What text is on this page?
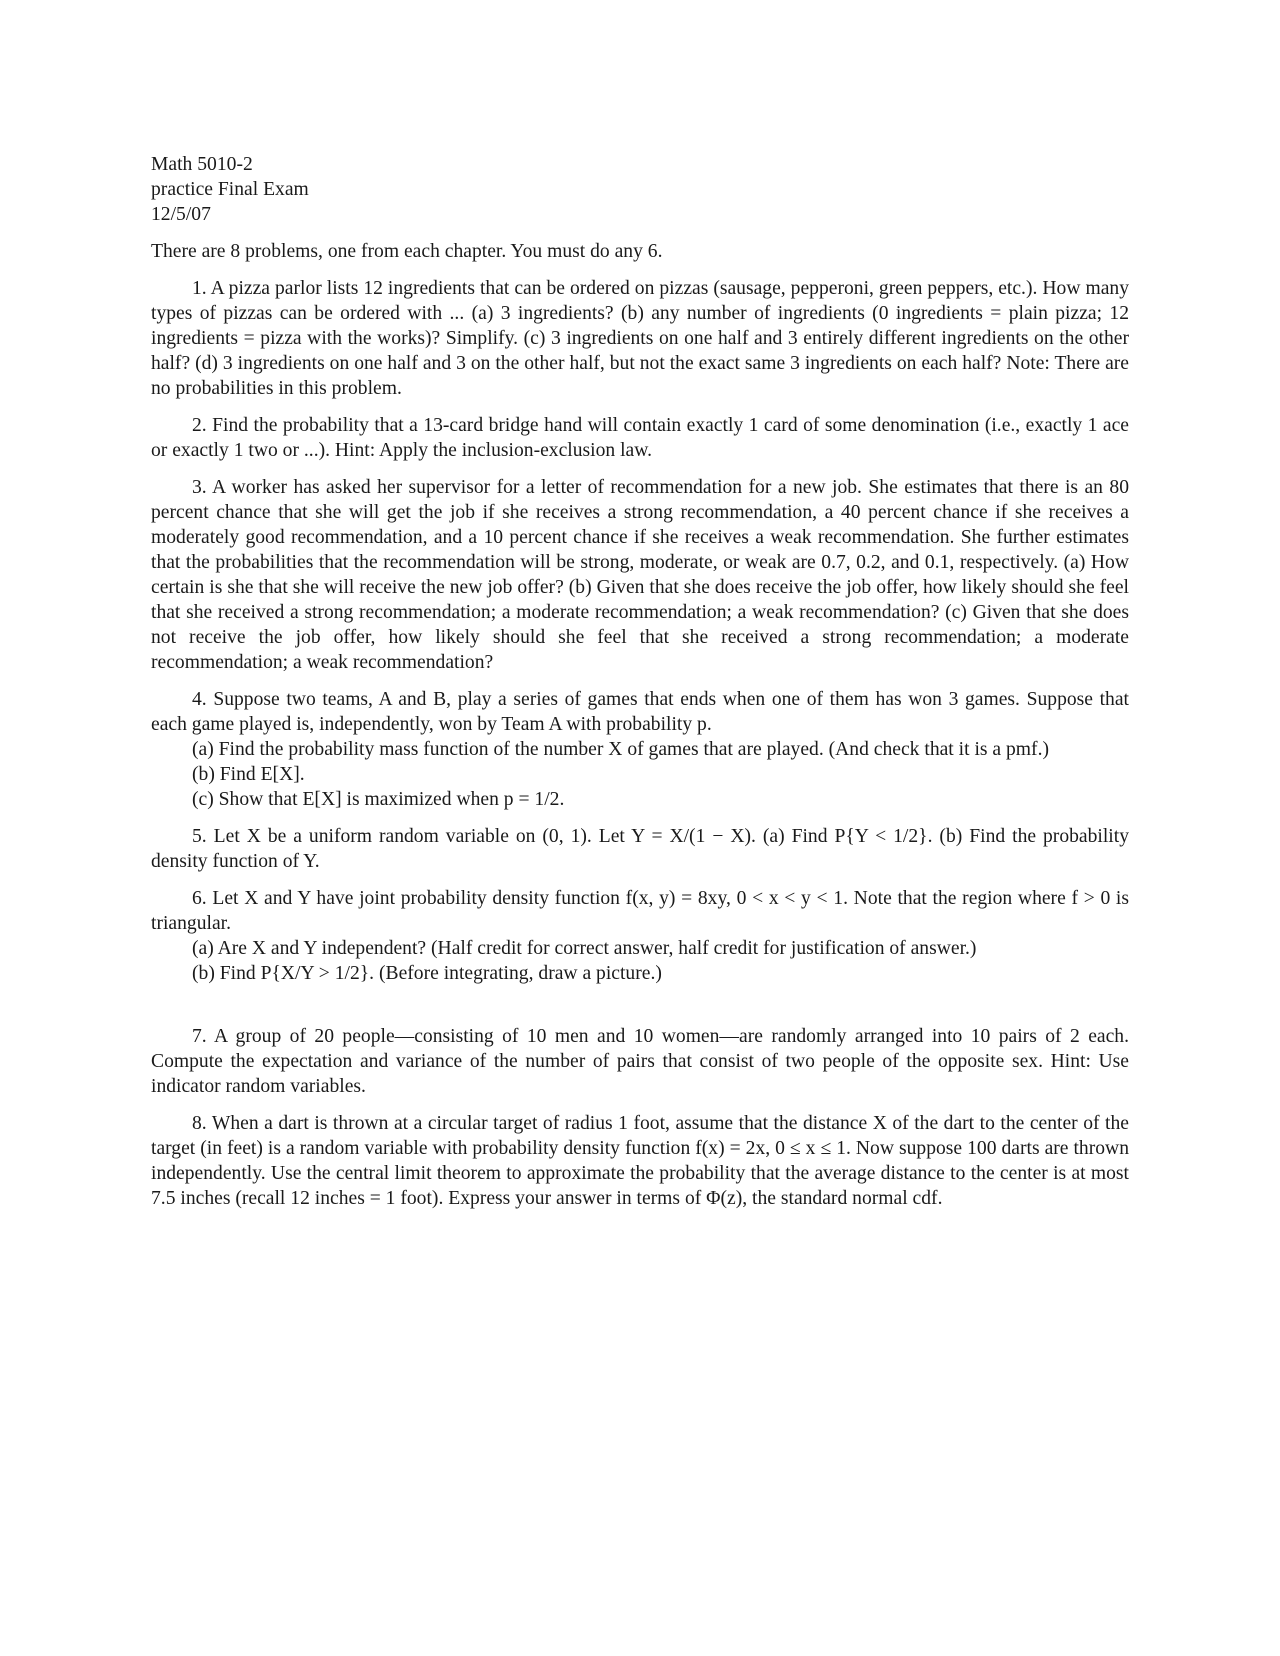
Math 5010-2
practice Final Exam
12/5/07
There are 8 problems, one from each chapter. You must do any 6.
1. A pizza parlor lists 12 ingredients that can be ordered on pizzas (sausage, pepperoni, green peppers, etc.). How many types of pizzas can be ordered with ... (a) 3 ingredients? (b) any number of ingredients (0 ingredients = plain pizza; 12 ingredients = pizza with the works)? Simplify. (c) 3 ingredients on one half and 3 entirely different ingredients on the other half? (d) 3 ingredients on one half and 3 on the other half, but not the exact same 3 ingredients on each half? Note: There are no probabilities in this problem.
2. Find the probability that a 13-card bridge hand will contain exactly 1 card of some denomination (i.e., exactly 1 ace or exactly 1 two or ...). Hint: Apply the inclusion-exclusion law.
3. A worker has asked her supervisor for a letter of recommendation for a new job. She estimates that there is an 80 percent chance that she will get the job if she receives a strong recommendation, a 40 percent chance if she receives a moderately good recommendation, and a 10 percent chance if she receives a weak recommendation. She further estimates that the probabilities that the recommendation will be strong, moderate, or weak are 0.7, 0.2, and 0.1, respectively. (a) How certain is she that she will receive the new job offer? (b) Given that she does receive the job offer, how likely should she feel that she received a strong recommendation; a moderate recommendation; a weak recommendation? (c) Given that she does not receive the job offer, how likely should she feel that she received a strong recommendation; a moderate recommendation; a weak recommendation?
4. Suppose two teams, A and B, play a series of games that ends when one of them has won 3 games. Suppose that each game played is, independently, won by Team A with probability p.
(a) Find the probability mass function of the number X of games that are played. (And check that it is a pmf.)
(b) Find E[X].
(c) Show that E[X] is maximized when p = 1/2.
5. Let X be a uniform random variable on (0, 1). Let Y = X/(1 − X). (a) Find P{Y < 1/2}. (b) Find the probability density function of Y.
6. Let X and Y have joint probability density function f(x, y) = 8xy, 0 < x < y < 1. Note that the region where f > 0 is triangular.
(a) Are X and Y independent? (Half credit for correct answer, half credit for justification of answer.)
(b) Find P{X/Y > 1/2}. (Before integrating, draw a picture.)
7. A group of 20 people—consisting of 10 men and 10 women—are randomly arranged into 10 pairs of 2 each. Compute the expectation and variance of the number of pairs that consist of two people of the opposite sex. Hint: Use indicator random variables.
8. When a dart is thrown at a circular target of radius 1 foot, assume that the distance X of the dart to the center of the target (in feet) is a random variable with probability density function f(x) = 2x, 0 ≤ x ≤ 1. Now suppose 100 darts are thrown independently. Use the central limit theorem to approximate the probability that the average distance to the center is at most 7.5 inches (recall 12 inches = 1 foot). Express your answer in terms of Φ(z), the standard normal cdf.
